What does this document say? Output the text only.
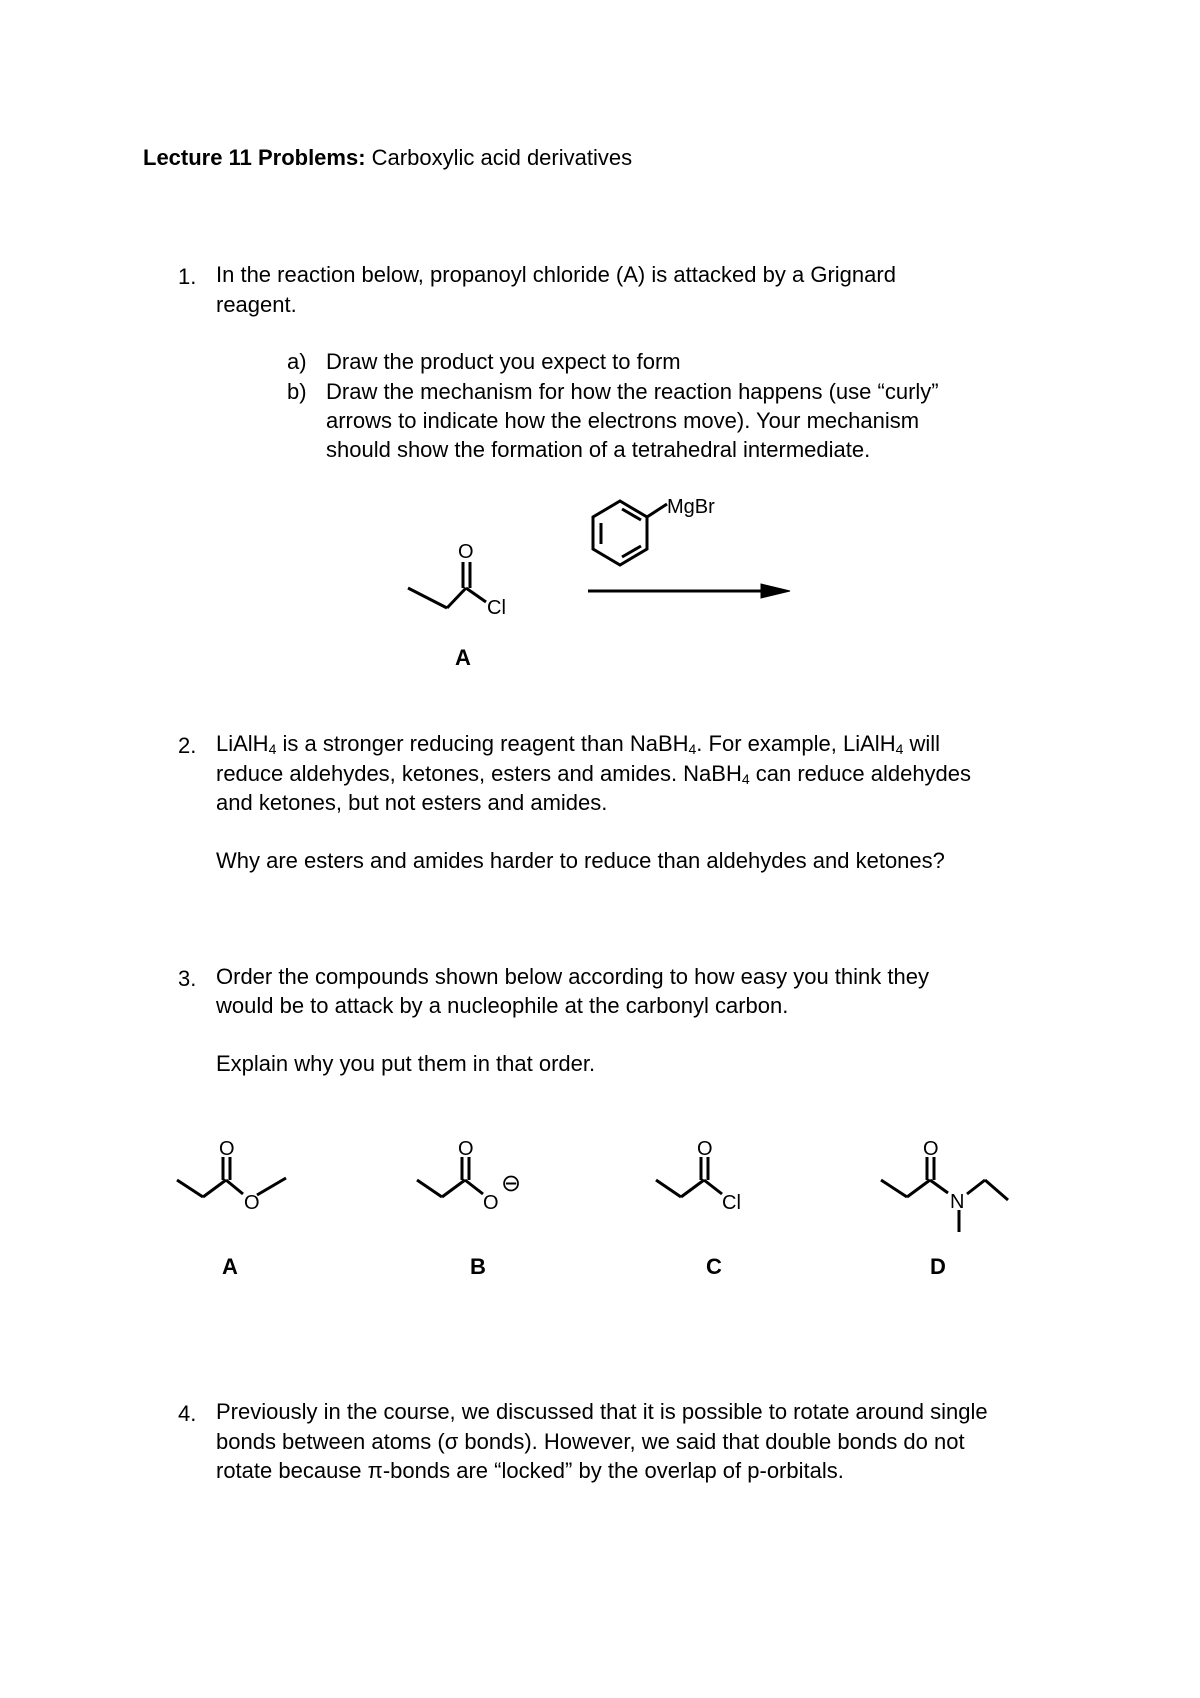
Lecture 11 Problems: Carboxylic acid derivatives
1. In the reaction below, propanoyl chloride (A) is attacked by a Grignard
reagent.
a) Draw the product you expect to form
b) Draw the mechanism for how the reaction happens (use “curly”
arrows to indicate how the electrons move). Your mechanism
should show the formation of a tetrahedral intermediate.
O
Cl
A
MgBr
2. LiAlH$_4$ is a stronger reducing reagent than NaBH$_4$. For example, LiAlH$_4$ will
reduce aldehydes, ketones, esters and amides. NaBH$_4$ can reduce aldehydes
and ketones, but not esters and amides.
Why are esters and amides harder to reduce than aldehydes and ketones?
3. Order the compounds shown below according to how easy you think they
would be to attack by a nucleophile at the carbonyl carbon.
Explain why you put them in that order.
O
O
A
O
O
⊖
B
O
Cl
C
O
N
D
4. Previously in the course, we discussed that it is possible to rotate around single
bonds between atoms (σ bonds). However, we said that double bonds do not
rotate because π-bonds are “locked” by the overlap of p-orbitals.
